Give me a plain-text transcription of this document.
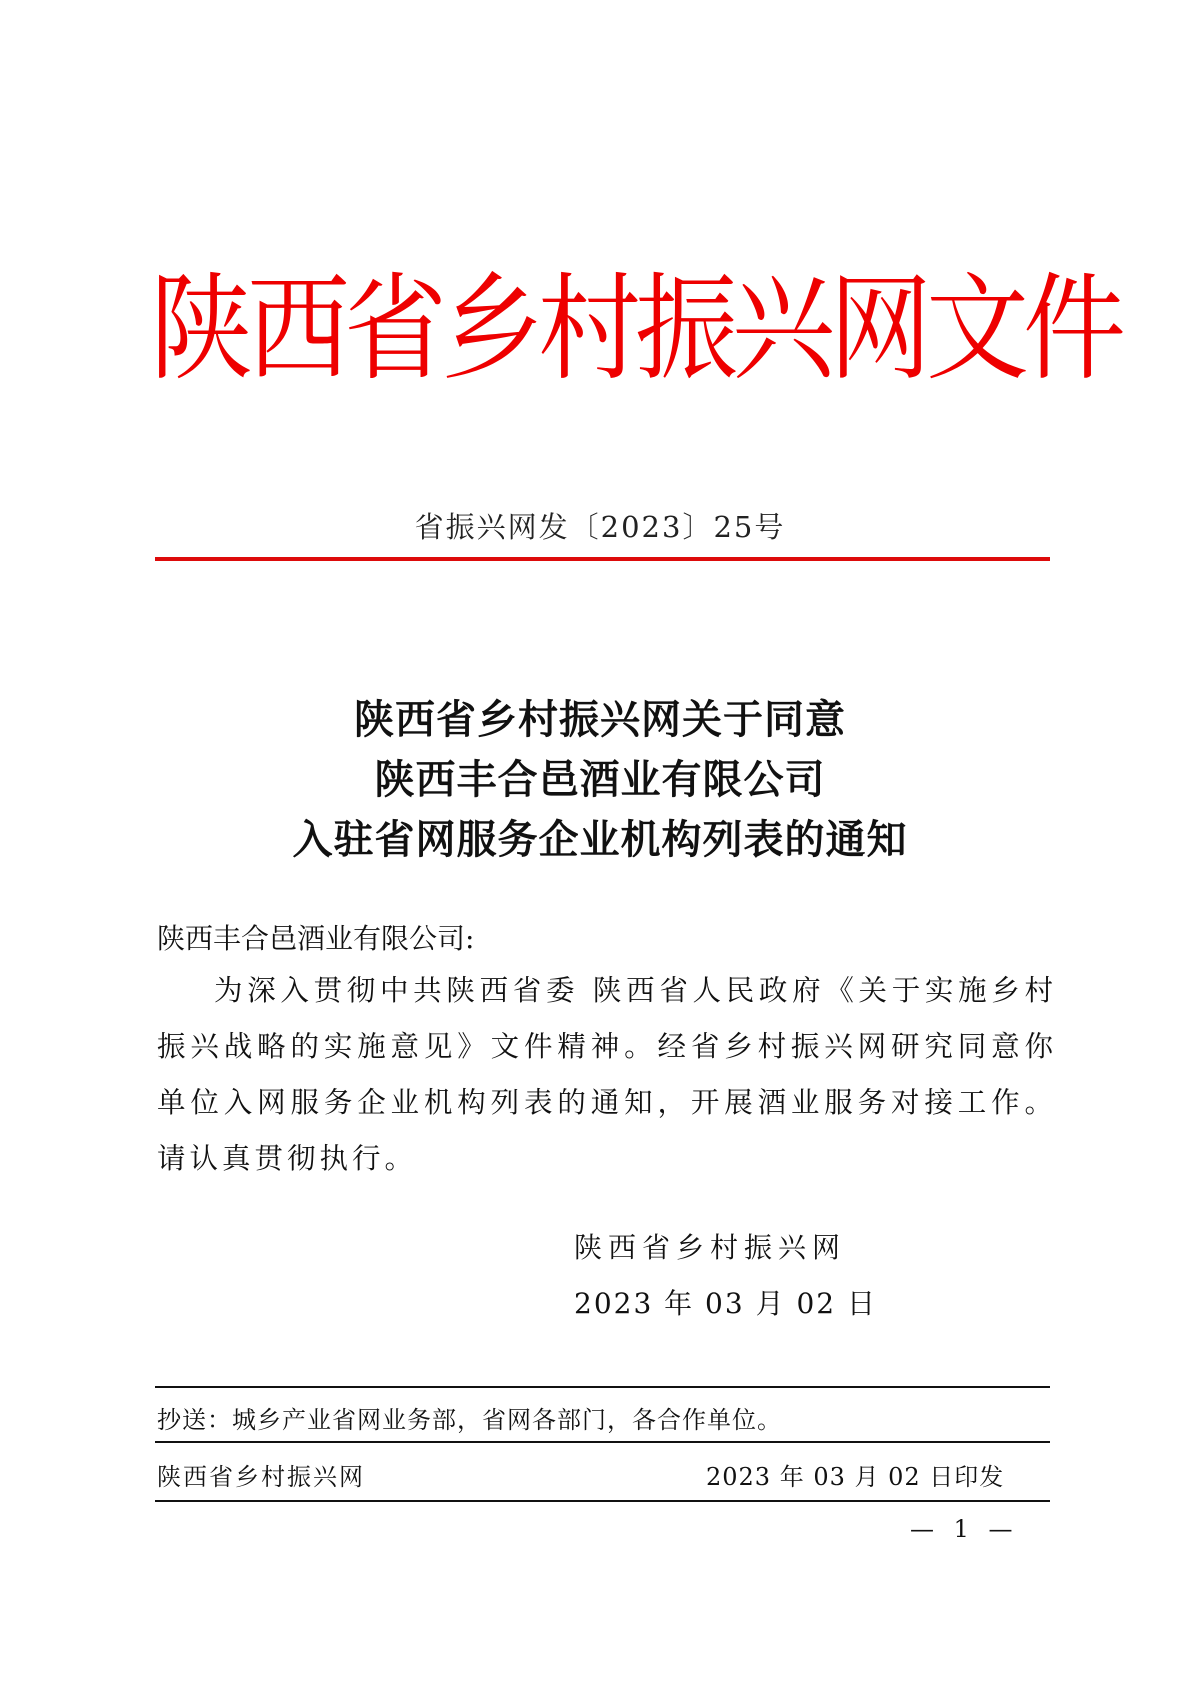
陕西省乡村振兴网文件
省振兴网发〔2023〕25号
陕西省乡村振兴网关于同意
陕西丰合邑酒业有限公司
入驻省网服务企业机构列表的通知
陕西丰合邑酒业有限公司:
为深入贯彻中共陕西省委 陕西省人民政府《关于实施乡村振兴战略的实施意见》文件精神。经省乡村振兴网研究同意你单位入网服务企业机构列表的通知，开展酒业服务对接工作。请认真贯彻执行。
陕西省乡村振兴网
2023 年 03 月 02 日
抄送：城乡产业省网业务部，省网各部门，各合作单位。
陕西省乡村振兴网	2023 年 03 月 02 日印发
— 1 —
